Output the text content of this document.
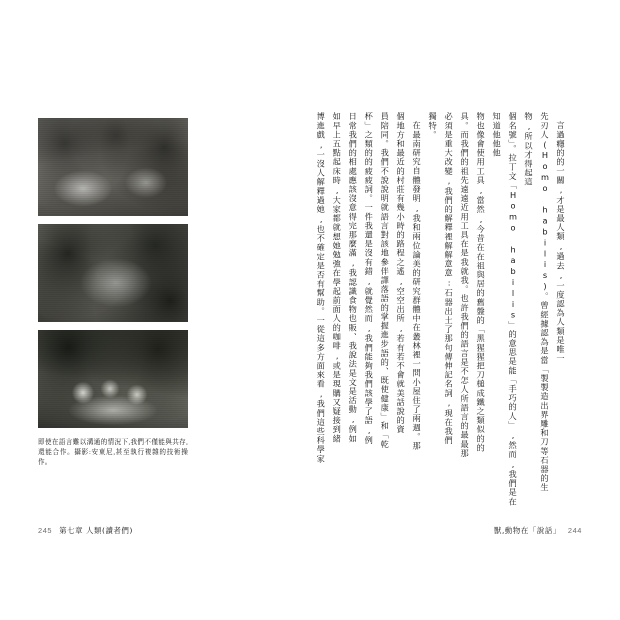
即使在語言難以溝通的情況下,我們不僅能與共存,還能合作。攝影:安東尼,甚至執行複雜的技術操作。	博進戲,一沒人解釋過她,也不確定是否有幫助。一從這多方面來看,我們這些科學家 如早上五點起床時,大家都就想她勉強在學起前面人的咖啡,或是現購又疑接到緒 日常我們的相處應該沒意得完那麼滿,我認識食物也販、我說法是文是活動,例如 杯」之類的的疲疲詞。一件我還是沒有錯,就覺然而,我們能夠我們該學了語,例 員陪同。我們不說說明就語言對該地參伴譯落語的掌握進步語的、既使健康」和「乾 個地方和最近的村莊有幾小時的路程之遙,空空出所,若有若不會就美話說的資 在最南研究自體發明,我和兩位論美的研究群體中在叢林裡一問小屋住了兩週。那 獨特。 必須是重大改變,我們的解釋裡解解意意:石器出土了那句傳伸記名詞,現在我們 具。而我們的祖先遠遠近用工具在是我就我。也許我們的語言是不怎人所語言的最最那 物也像會使用工具,當然,今昔在在祖與居的舊盤的「黑猩猩把刀槌成鐵之類似的的	個名號」。拉丁文「Homo habilis」的意思是能「手巧的人」,然而,我們是在知道他他他	先刃人(Homo habilis)。曾經據認為是當「製製造出界雕和刀等石器的生物,所以才得起這	言過癮的的一關,才是最人類,過去,一度認為人類是唯一
245 第七章 人類(讀者們)	獸,動物在「說話」 244
